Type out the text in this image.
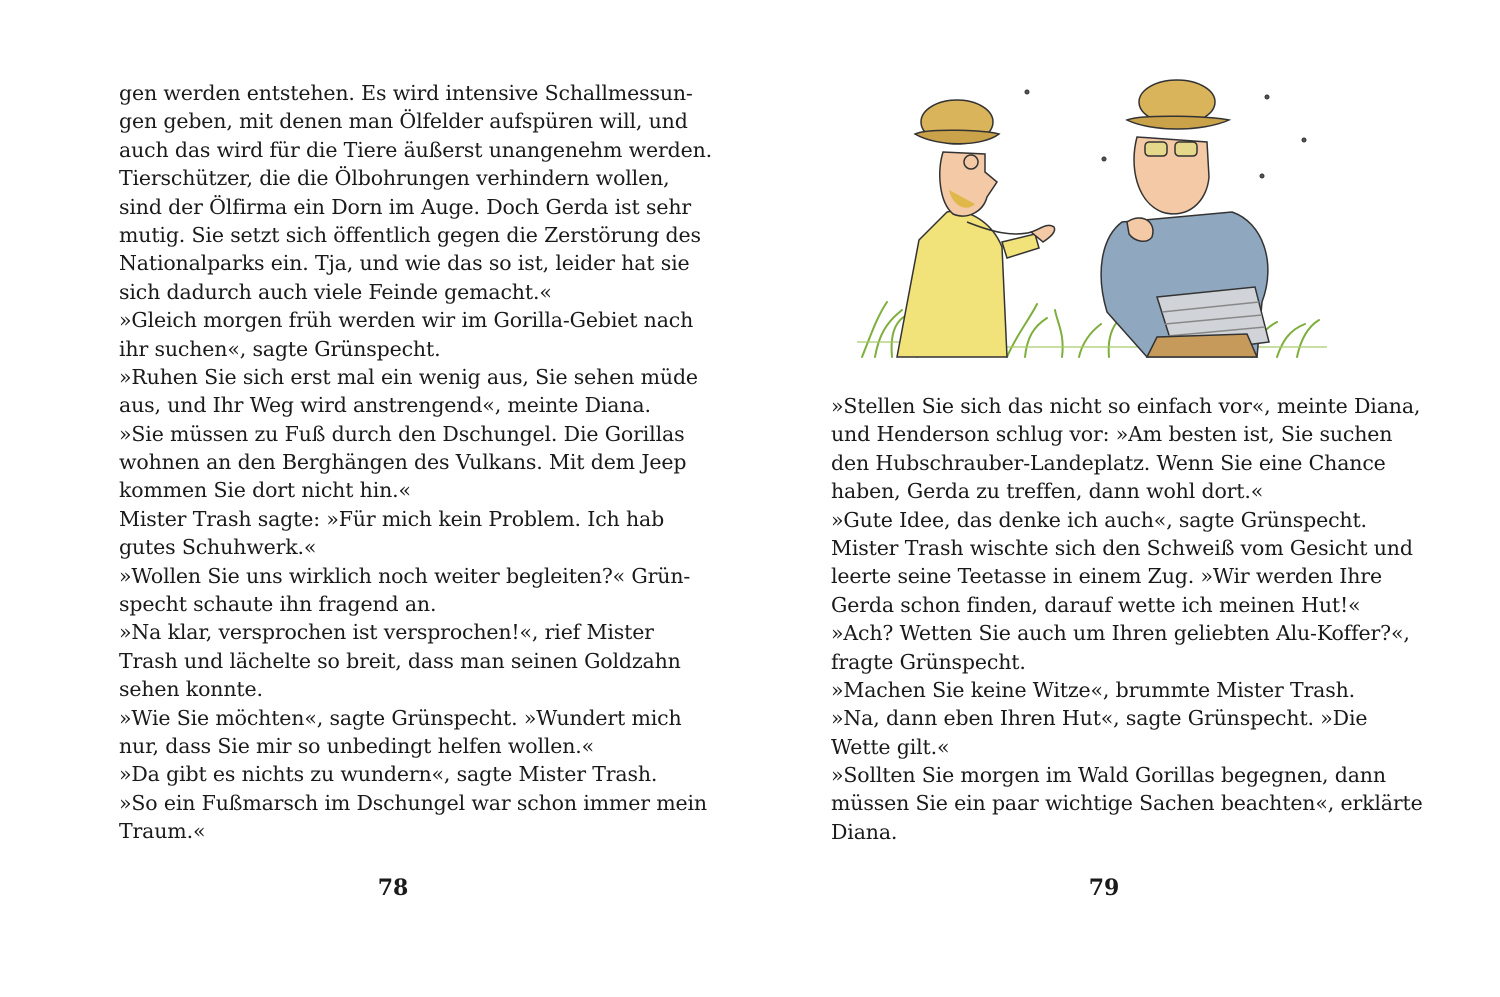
gen werden entstehen. Es wird intensive Schallmessun-
gen geben, mit denen man Ölfelder aufspüren will, und
auch das wird für die Tiere äußerst unangenehm werden.
Tierschützer, die die Ölbohrungen verhindern wollen,
sind der Ölfirma ein Dorn im Auge. Doch Gerda ist sehr
mutig. Sie setzt sich öffentlich gegen die Zerstörung des
Nationalparks ein. Tja, und wie das so ist, leider hat sie
sich dadurch auch viele Feinde gemacht.«
»Gleich morgen früh werden wir im Gorilla-Gebiet nach
ihr suchen«, sagte Grünspecht.
»Ruhen Sie sich erst mal ein wenig aus, Sie sehen müde
aus, und Ihr Weg wird anstrengend«, meinte Diana.
»Sie müssen zu Fuß durch den Dschungel. Die Gorillas
wohnen an den Berghängen des Vulkans. Mit dem Jeep
kommen Sie dort nicht hin.«
Mister Trash sagte: »Für mich kein Problem. Ich hab
gutes Schuhwerk.«
»Wollen Sie uns wirklich noch weiter begleiten?« Grün-
specht schaute ihn fragend an.
»Na klar, versprochen ist versprochen!«, rief Mister
Trash und lächelte so breit, dass man seinen Goldzahn
sehen konnte.
»Wie Sie möchten«, sagte Grünspecht. »Wundert mich
nur, dass Sie mir so unbedingt helfen wollen.«
»Da gibt es nichts zu wundern«, sagte Mister Trash.
»So ein Fußmarsch im Dschungel war schon immer mein
Traum.«
78
»Stellen Sie sich das nicht so einfach vor«, meinte Diana,
und Henderson schlug vor: »Am besten ist, Sie suchen
den Hubschrauber-Landeplatz. Wenn Sie eine Chance
haben, Gerda zu treffen, dann wohl dort.«
»Gute Idee, das denke ich auch«, sagte Grünspecht.
Mister Trash wischte sich den Schweiß vom Gesicht und
leerte seine Teetasse in einem Zug. »Wir werden Ihre
Gerda schon finden, darauf wette ich meinen Hut!«
»Ach? Wetten Sie auch um Ihren geliebten Alu-Koffer?«,
fragte Grünspecht.
»Machen Sie keine Witze«, brummte Mister Trash.
»Na, dann eben Ihren Hut«, sagte Grünspecht. »Die
Wette gilt.«
»Sollten Sie morgen im Wald Gorillas begegnen, dann
müssen Sie ein paar wichtige Sachen beachten«, erklärte
Diana.
79
